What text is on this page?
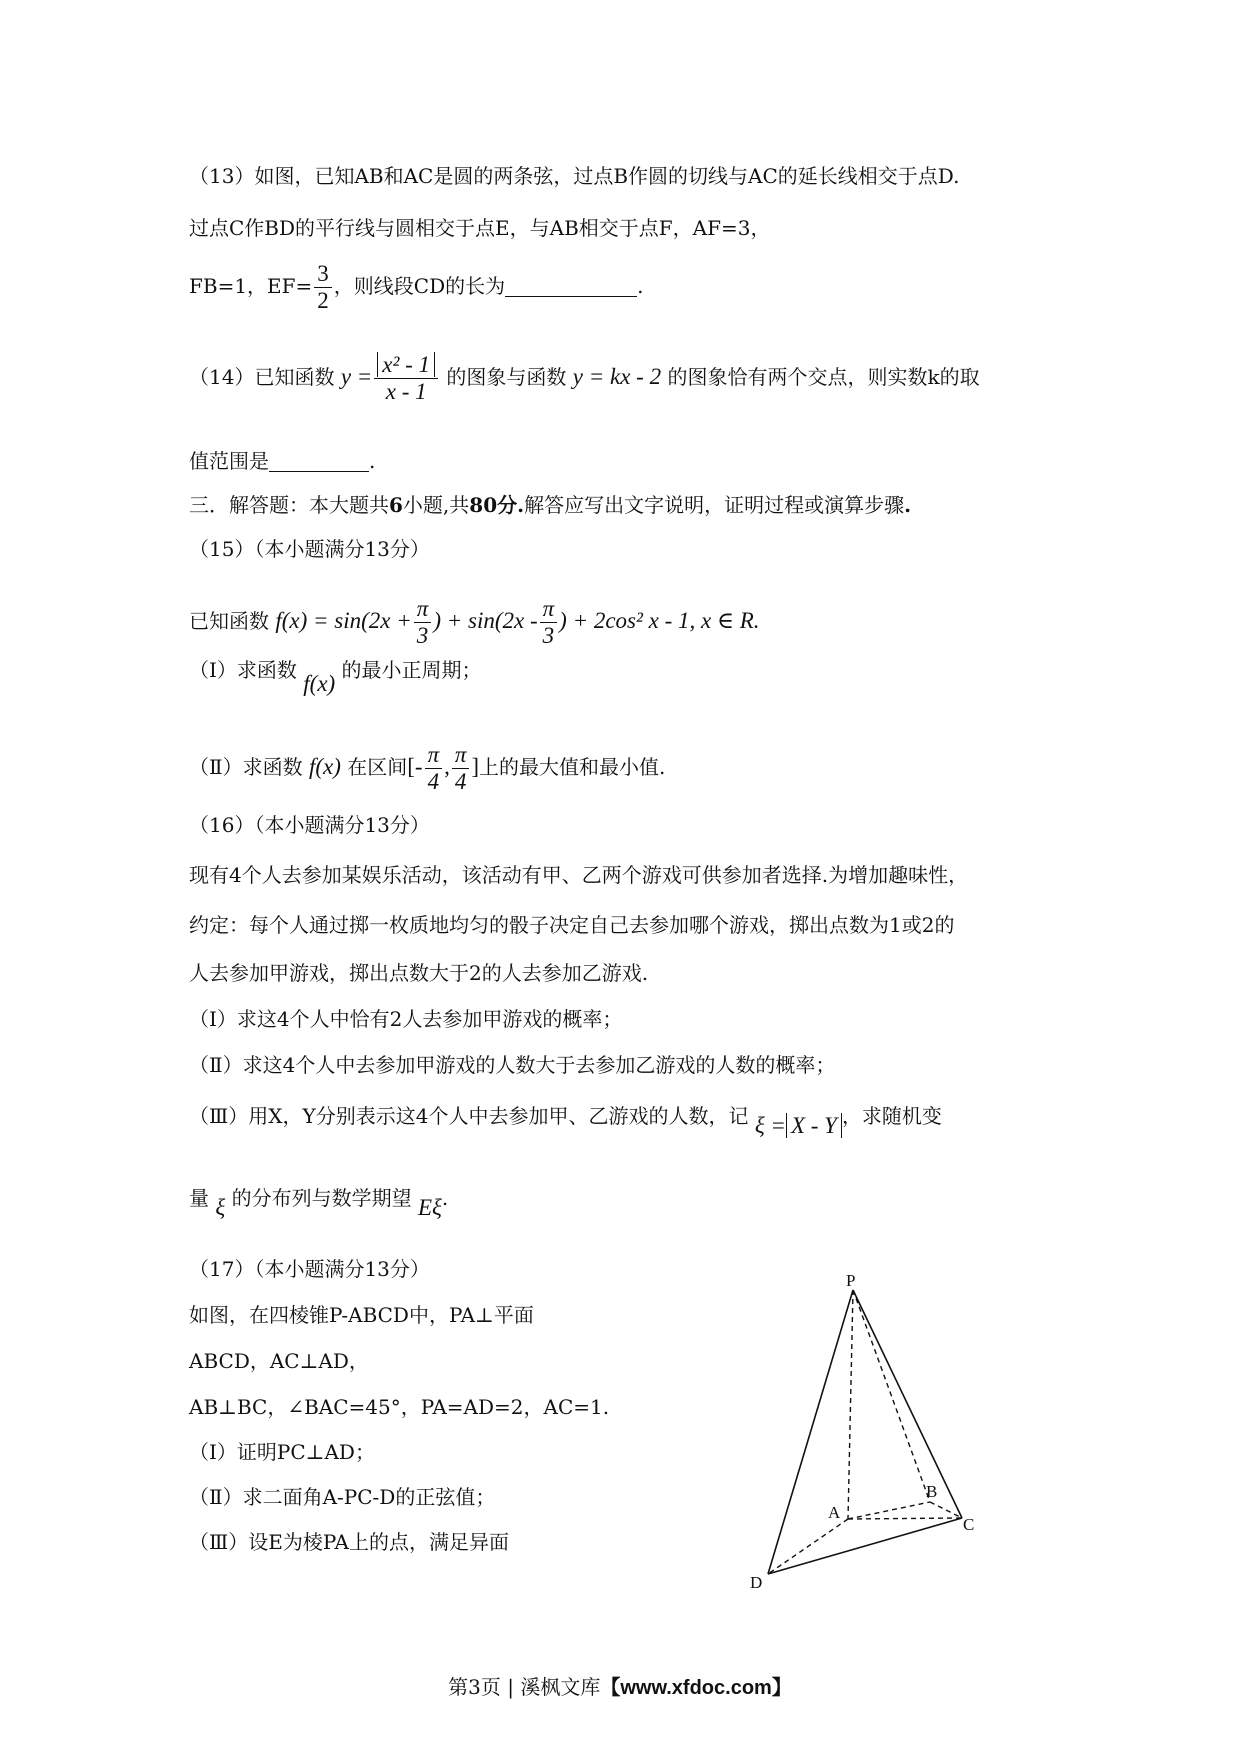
（13）如图，已知AB和AC是圆的两条弦，过点B作圆的切线与AC的延长线相交于点D.
过点C作BD的平行线与圆相交于点E，与AB相交于点F，AF=3，
FB=1，$EF= \frac{3}{2}$ ，则线段CD的长为	.
（14）已知函数 $y = \frac{\text{x² - 1}}{x - 1}$ 的图象与函数 y = kx - 2 的图象恰有两个交点，则实数k的取
值范围是	.
三．解答题：本大题共6小题,共80分.解答应写出文字说明，证明过程或演算步骤.
（15）（本小题满分13分）
已知函数 $f(x) = \sin(2x + \frac{\pi}{3}$ ) + $\sin(2x - \frac{\pi}{3}$ ) + 2cos² x - 1, x ∈ R.
（Ⅰ）求函数 f(x) 的最小正周期；
（Ⅱ）求函数 f(x) 在区间[- $\frac{\pi}{4}$ , $\frac{\pi}{4}$ ]上的最大值和最小值.
（16）（本小题满分13分）
现有4个人去参加某娱乐活动，该活动有甲、乙两个游戏可供参加者选择.为增加趣味性，
约定：每个人通过掷一枚质地均匀的骰子决定自己去参加哪个游戏，掷出点数为1或2的
人去参加甲游戏，掷出点数大于2的人去参加乙游戏.
（Ⅰ）求这4个人中恰有2人去参加甲游戏的概率；
（Ⅱ）求这4个人中去参加甲游戏的人数大于去参加乙游戏的人数的概率；
（Ⅲ）用X，Y分别表示这4个人中去参加甲、乙游戏的人数，记 ξ = X - Y ，求随机变
量 ξ 的分布列与数学期望 Eξ.
（17）（本小题满分13分）
如图，在四棱锥P-ABCD中，PA⊥平面
ABCD，AC⊥AD，
AB⊥BC，∠BAC=45°，PA=AD=2，AC=1.
（Ⅰ）证明PC⊥AD；
（Ⅱ）求二面角A-PC-D的正弦值；
（Ⅲ）设E为棱PA上的点，满足异面
P
A
B
C
D
第3页 | 溪枫文库【www.xfdoc.com】
